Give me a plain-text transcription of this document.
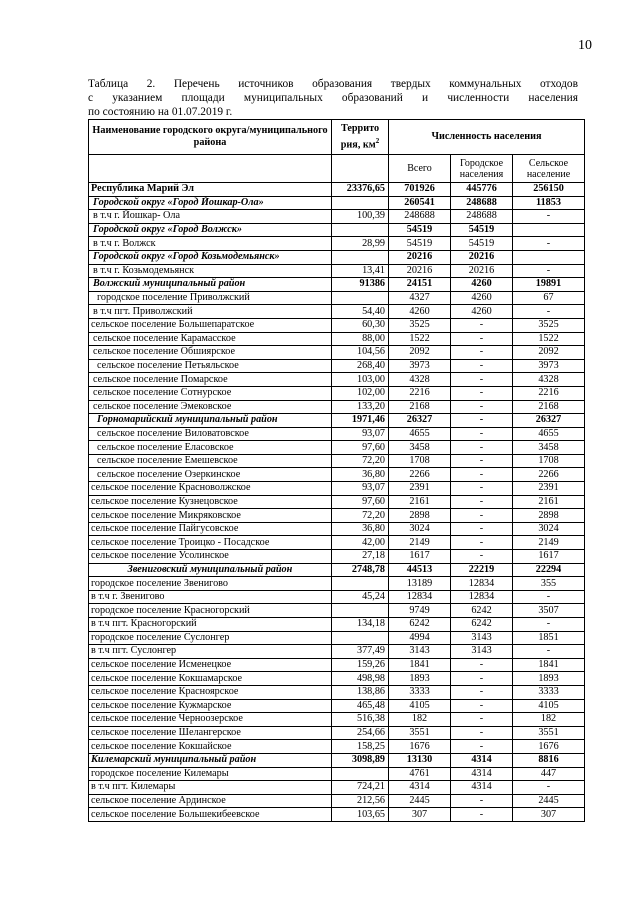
10
Таблица 2. Перечень источников образования твердых коммунальных отходов
с указанием площади муниципальных образований и численности населения
по состоянию на 01.07.2019 г.
Наименование городского округа/муниципального района	Террито рия, $км^2$	Численность населения		
		Всего	Городское населения	Сельское население
Республика Марий Эл	23376,65	701926	445776	256150
Городской округ «Город Йошкар-Ола»		260541	248688	11853
в т.ч г. Йошкар- Ола	100,39	248688	248688	-
Городской округ «Город Волжск»		54519	54519	
в т.ч г. Волжск	28,99	54519	54519	-
Городской округ «Город Козьмодемьянск»		20216	20216	
в т.ч г. Козьмодемьянск	13,41	20216	20216	-
Волжский муниципальный район	91386	24151	4260	19891
городское поселение Приволжский		4327	4260	67
в т.ч пгт. Приволжский	54,40	4260	4260	-
сельское поселение Большепаратское	60,30	3525	-	3525
сельское поселение Карамасское	88,00	1522	-	1522
сельское поселение Обшиярское	104,56	2092	-	2092
сельское поселение Петьяльское	268,40	3973	-	3973
сельское поселение Помарское	103,00	4328	-	4328
сельское поселение Сотнурское	102,00	2216	-	2216
сельское поселение Эмековское	133,20	2168	-	2168
Горномарийский муниципальный район	1971,46	26327	-	26327
сельское поселение Виловатовское	93,07	4655	-	4655
сельское поселение Еласовское	97,60	3458	-	3458
сельское поселение Емешевское	72,20	1708	-	1708
сельское поселение Озеркинское	36,80	2266	-	2266
сельское поселение Красноволжское	93,07	2391	-	2391
сельское поселение Кузнецовское	97,60	2161	-	2161
сельское поселение Микряковское	72,20	2898	-	2898
сельское поселение Пайгусовское	36,80	3024	-	3024
сельское поселение Троицко - Посадское	42,00	2149	-	2149
сельское поселение Усолинское	27,18	1617	-	1617
Звениговский муниципальный район	2748,78	44513	22219	22294
городское поселение Звенигово		13189	12834	355
в т.ч г. Звенигово	45,24	12834	12834	-
городское поселение Красногорский		9749	6242	3507
в т.ч пгт. Красногорский	134,18	6242	6242	-
городское поселение Суслонгер		4994	3143	1851
в т.ч пгт. Суслонгер	377,49	3143	3143	-
сельское поселение Исменецкое	159,26	1841	-	1841
сельское поселение Кокшамарское	498,98	1893	-	1893
сельское поселение Красноярское	138,86	3333	-	3333
сельское поселение Кужмарское	465,48	4105	-	4105
сельское поселение Черноозерское	516,38	182	-	182
сельское поселение Шелангерское	254,66	3551	-	3551
сельское поселение Кокшайское	158,25	1676	-	1676
Килемарский муниципальный район	3098,89	13130	4314	8816
городское поселение Килемары		4761	4314	447
в т.ч пгт. Килемары	724,21	4314	4314	-
сельское поселение Ардинское	212,56	2445	-	2445
сельское поселение Большекибеевское	103,65	307	-	307
